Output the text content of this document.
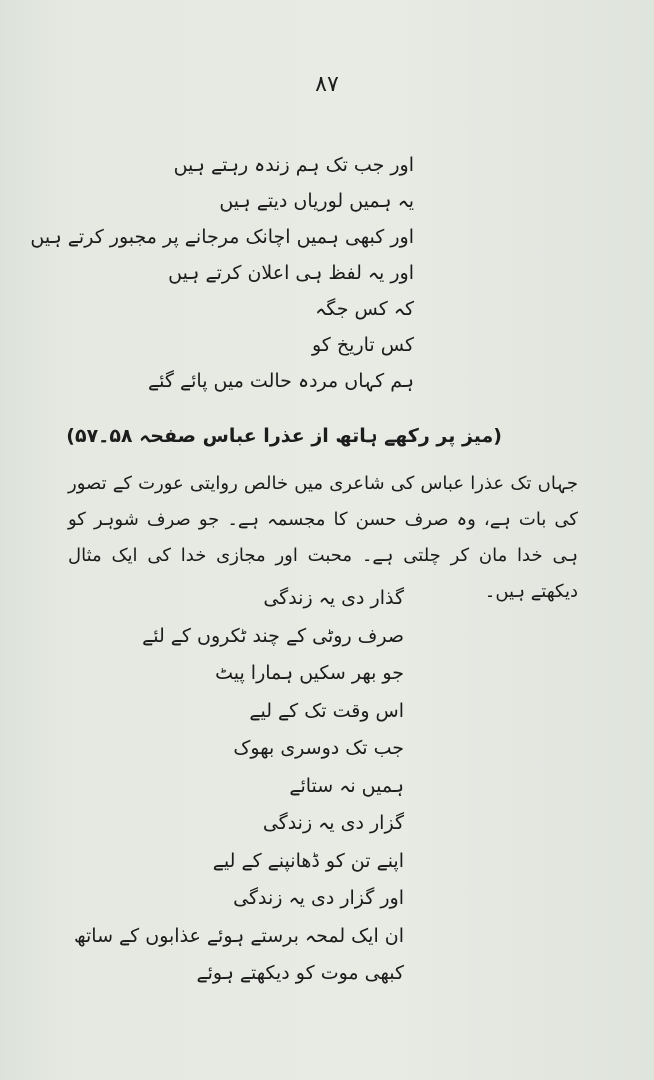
۸۷
اور جب تک ہم زندہ رہتے ہیں
یہ ہمیں لوریاں دیتے ہیں
اور کبھی ہمیں اچانک مرجانے پر مجبور کرتے ہیں
اور یہ لفظ ہی اعلان کرتے ہیں
کہ کس جگہ
کس تاریخ کو
ہم کہاں مردہ حالت میں پائے گئے
(میز پر رکھے ہاتھ از عذرا عباس صفحہ ۵۸۔۵۷)

جہاں تک عذرا عباس کی شاعری میں خالص روایتی عورت کے تصور کی بات ہے، وہ صرف حسن کا مجسمہ ہے۔ جو صرف شوہر کو ہی خدا مان کر چلتی ہے۔ محبت اور مجازی خدا کی ایک مثال دیکھتے ہیں۔

گذار دی یہ زندگی
صرف روٹی کے چند ٹکروں کے لئے
جو بھر سکیں ہمارا پیٹ
اس وقت تک کے لیے
جب تک دوسری بھوک
ہمیں نہ ستائے
گزار دی یہ زندگی
اپنے تن کو ڈھانپنے کے لیے
اور گزار دی یہ زندگی
ان ایک لمحہ برستے ہوئے عذابوں کے ساتھ
کبھی موت کو دیکھتے ہوئے
